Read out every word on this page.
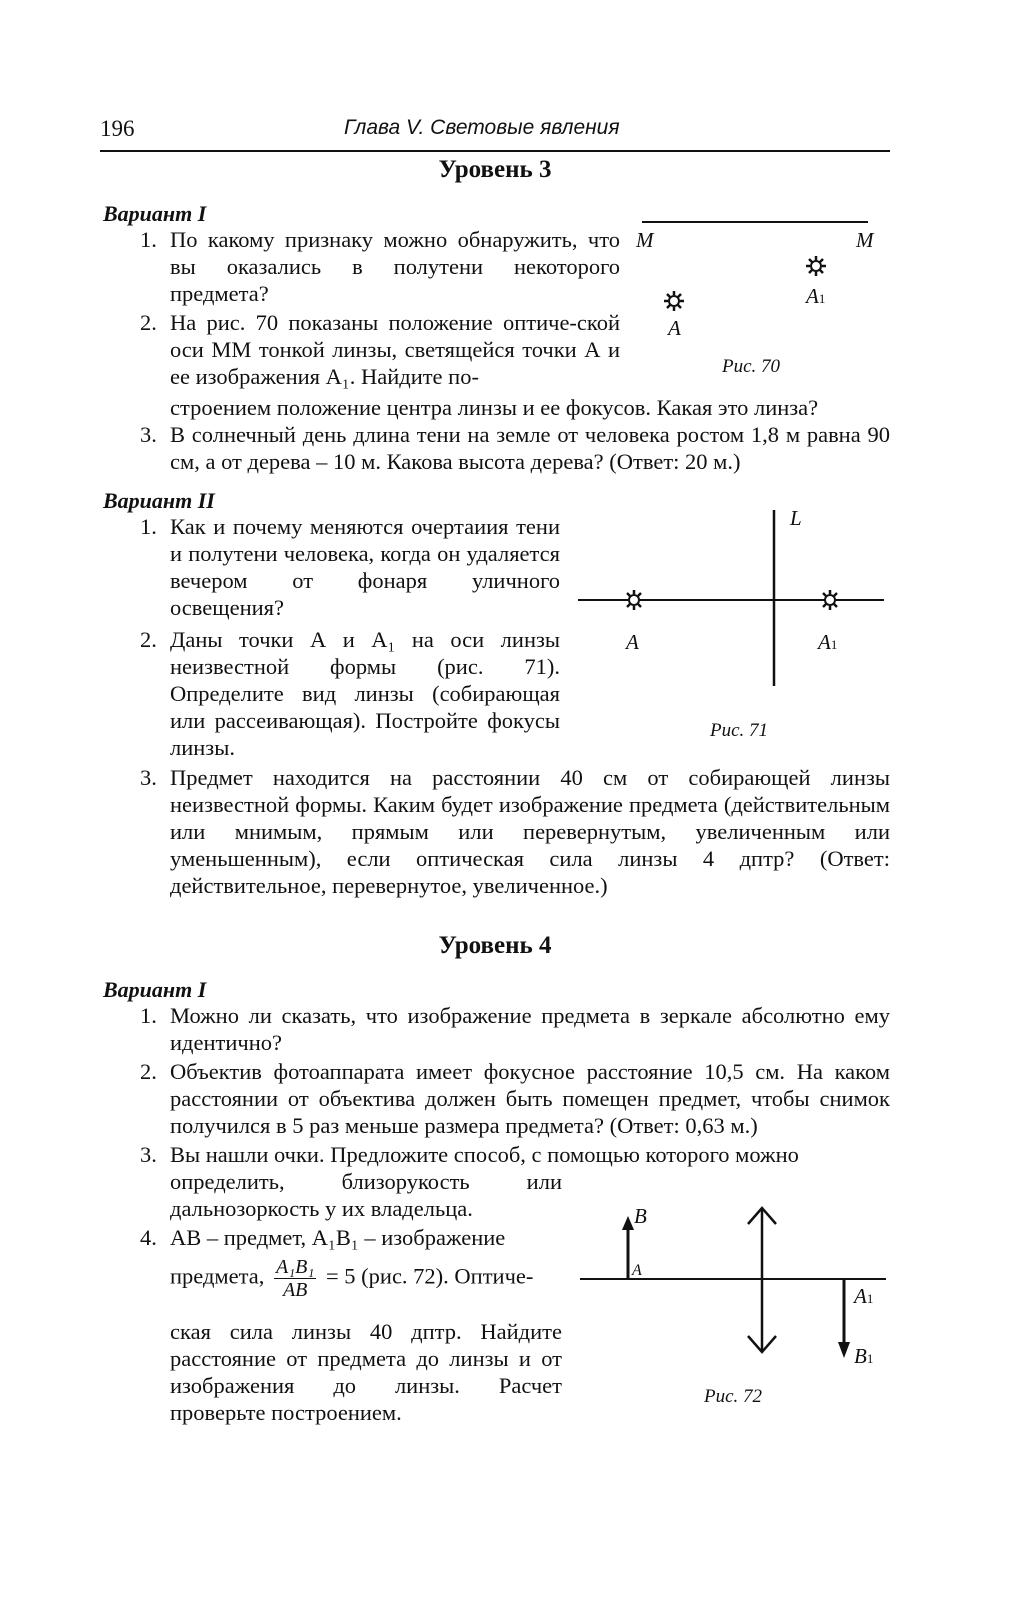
196	Глава V. Световые явления
Уровень 3
Вариант I
1. По какому признаку можно обнаружить, что вы оказались в полутени некоторого предмета?
2. На рис. 70 показаны положение оптиче-ской оси ММ тонкой линзы, светящейся точки А и ее изображения А₁. Найдите по-
строением положение центра линзы и ее фокусов. Какая это линза?
3. В солнечный день длина тени на земле от человека ростом 1,8 м равна 90 см, а от дерева – 10 м. Какова высота дерева? (Ответ: 20 м.)
M	M
A1
A
Рис. 70
Вариант II
1. Как и почему меняются очертаиия тени и полутени человека, когда он удаляется вечером от фонаря уличного освещения?
2. Даны точки А и А₁ на оси линзы неизвестной формы (рис. 71). Определите вид линзы (собирающая или рассеивающая). Постройте фокусы линзы.
3. Предмет находится на расстоянии 40 см от собирающей линзы неизвестной формы. Каким будет изображение предмета (действительным или мнимым, прямым или перевернутым, увеличенным или уменьшенным), если оптическая сила линзы 4 дптр? (Ответ: действительное, перевернутое, увеличенное.)
L
A	A1
Рис. 71
Уровень 4
Вариант I
1. Можно ли сказать, что изображение предмета в зеркале абсолютно ему идентично?
2. Объектив фотоаппарата имеет фокусное расстояние 10,5 см. На каком расстоянии от объектива должен быть помещен предмет, чтобы снимок получился в 5 раз меньше размера предмета? (Ответ: 0,63 м.)
3. Вы нашли очки. Предложите способ, с помощью которого можно
определить, близорукость или дальнозоркость у их владельца.
4. АВ – предмет, А₁В₁ – изображение
предмета, $\frac{\text{A₁B₁}}{AB} = 5$ (рис. 72). Оптиче-
ская сила линзы 40 дптр. Найдите расстояние от предмета до линзы и от изображения до линзы. Расчет проверьте построением.
B
A
A1
B1
Рис. 72
